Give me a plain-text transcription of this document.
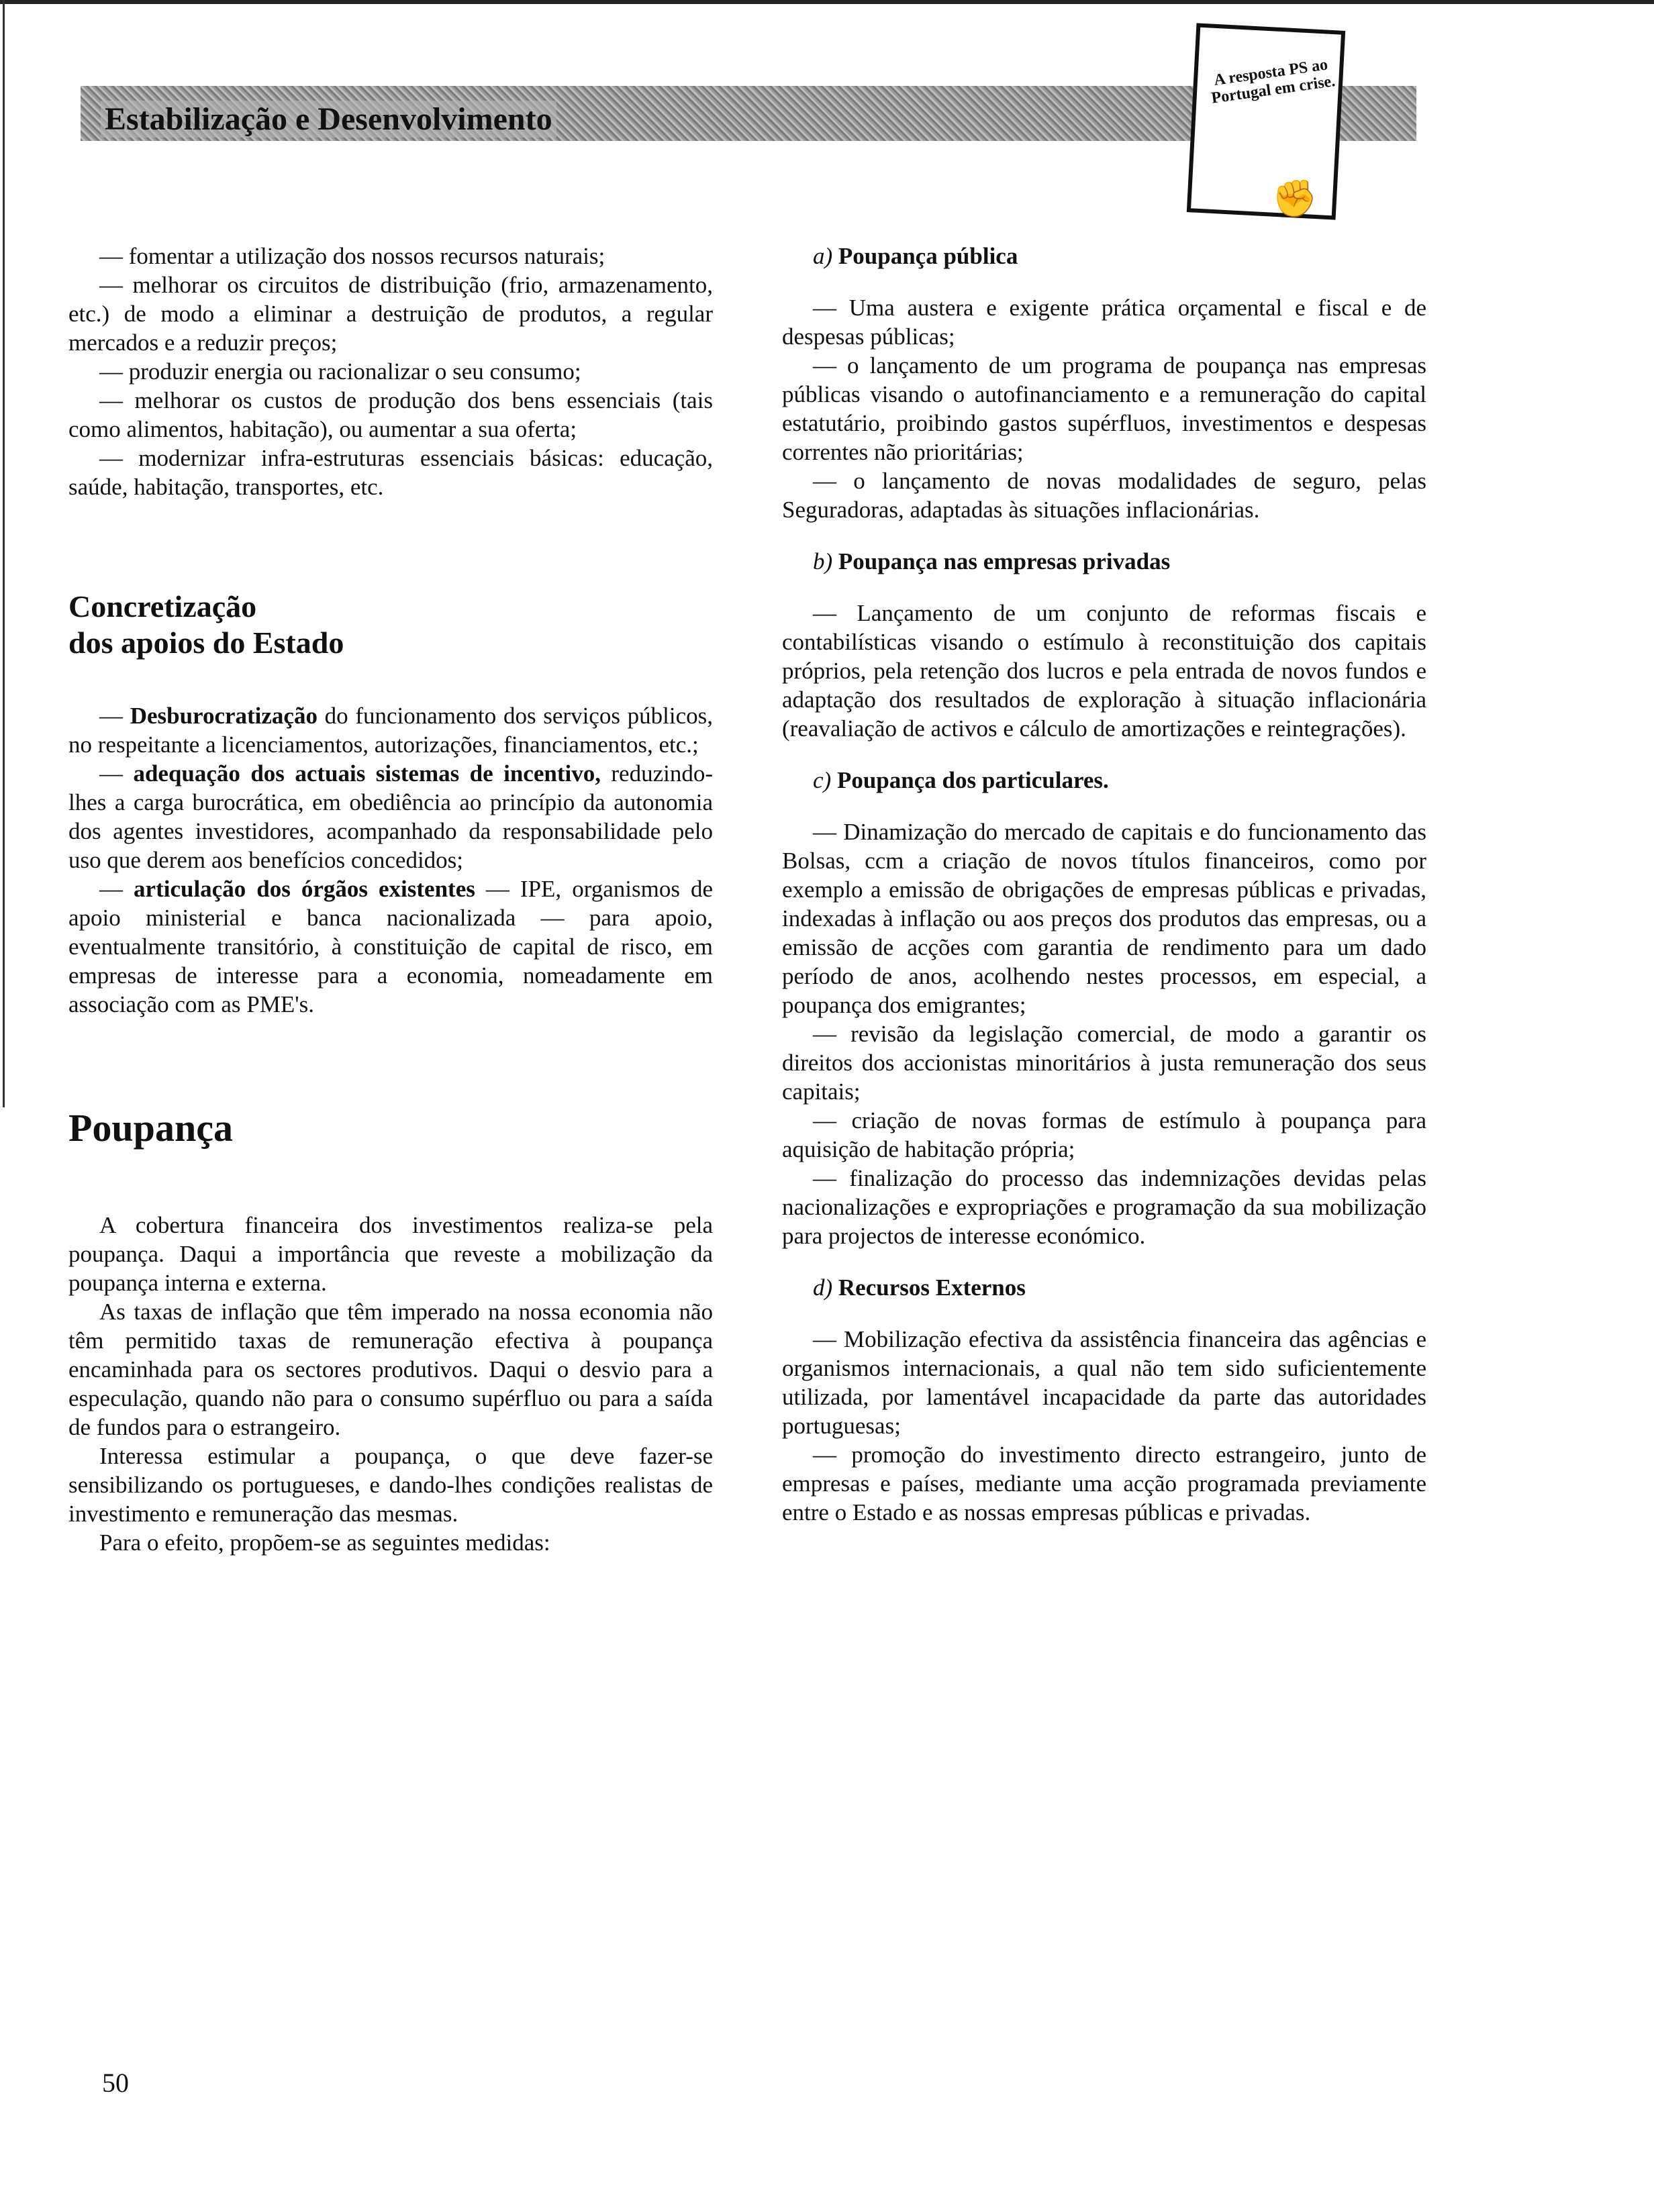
Estabilização e Desenvolvimento
A resposta PS ao Portugal em crise.
✊

— fomentar a utilização dos nossos recursos naturais;

— melhorar os circuitos de distribuição (frio, armazenamento, etc.) de modo a eliminar a destruição de produtos, a regular mercados e a reduzir preços;

— produzir energia ou racionalizar o seu consumo;

— melhorar os custos de produção dos bens essenciais (tais como alimentos, habitação), ou aumentar a sua oferta;

— modernizar infra-estruturas essenciais básicas: educação, saúde, habitação, transportes, etc.

Concretização
dos apoios do Estado

— Desburocratização do funcionamento dos serviços públicos, no respeitante a licenciamentos, autorizações, financiamentos, etc.;

— adequação dos actuais sistemas de incentivo, reduzindo-lhes a carga burocrática, em obediência ao princípio da autonomia dos agentes investidores, acompanhado da responsabilidade pelo uso que derem aos benefícios concedidos;

— articulação dos órgãos existentes — IPE, organismos de apoio ministerial e banca nacionalizada — para apoio, eventualmente transitório, à constituição de capital de risco, em empresas de interesse para a economia, nomeadamente em associação com as PME's.

Poupança

A cobertura financeira dos investimentos realiza-se pela poupança. Daqui a importância que reveste a mobilização da poupança interna e externa.

As taxas de inflação que têm imperado na nossa economia não têm permitido taxas de remuneração efectiva à poupança encaminhada para os sectores produtivos. Daqui o desvio para a especulação, quando não para o consumo supérfluo ou para a saída de fundos para o estrangeiro.

Interessa estimular a poupança, o que deve fazer-se sensibilizando os portugueses, e dando-lhes condições realistas de investimento e remuneração das mesmas.

Para o efeito, propõem-se as seguintes medidas:

a) Poupança pública

— Uma austera e exigente prática orçamental e fiscal e de despesas públicas;

— o lançamento de um programa de poupança nas empresas públicas visando o autofinanciamento e a remuneração do capital estatutário, proibindo gastos supérfluos, investimentos e despesas correntes não prioritárias;

— o lançamento de novas modalidades de seguro, pelas Seguradoras, adaptadas às situações inflacionárias.

b) Poupança nas empresas privadas

— Lançamento de um conjunto de reformas fiscais e contabilísticas visando o estímulo à reconstituição dos capitais próprios, pela retenção dos lucros e pela entrada de novos fundos e adaptação dos resultados de exploração à situação inflacionária (reavaliação de activos e cálculo de amortizações e reintegrações).

c) Poupança dos particulares.

— Dinamização do mercado de capitais e do funcionamento das Bolsas, ccm a criação de novos títulos financeiros, como por exemplo a emissão de obrigações de empresas públicas e privadas, indexadas à inflação ou aos preços dos produtos das empresas, ou a emissão de acções com garantia de rendimento para um dado período de anos, acolhendo nestes processos, em especial, a poupança dos emigrantes;

— revisão da legislação comercial, de modo a garantir os direitos dos accionistas minoritários à justa remuneração dos seus capitais;

— criação de novas formas de estímulo à poupança para aquisição de habitação própria;

— finalização do processo das indemnizações devidas pelas nacionalizações e expropriações e programação da sua mobilização para projectos de interesse económico.

d) Recursos Externos

— Mobilização efectiva da assistência financeira das agências e organismos internacionais, a qual não tem sido suficientemente utilizada, por lamentável incapacidade da parte das autoridades portuguesas;

— promoção do investimento directo estrangeiro, junto de empresas e países, mediante uma acção programada previamente entre o Estado e as nossas empresas públicas e privadas.

50
